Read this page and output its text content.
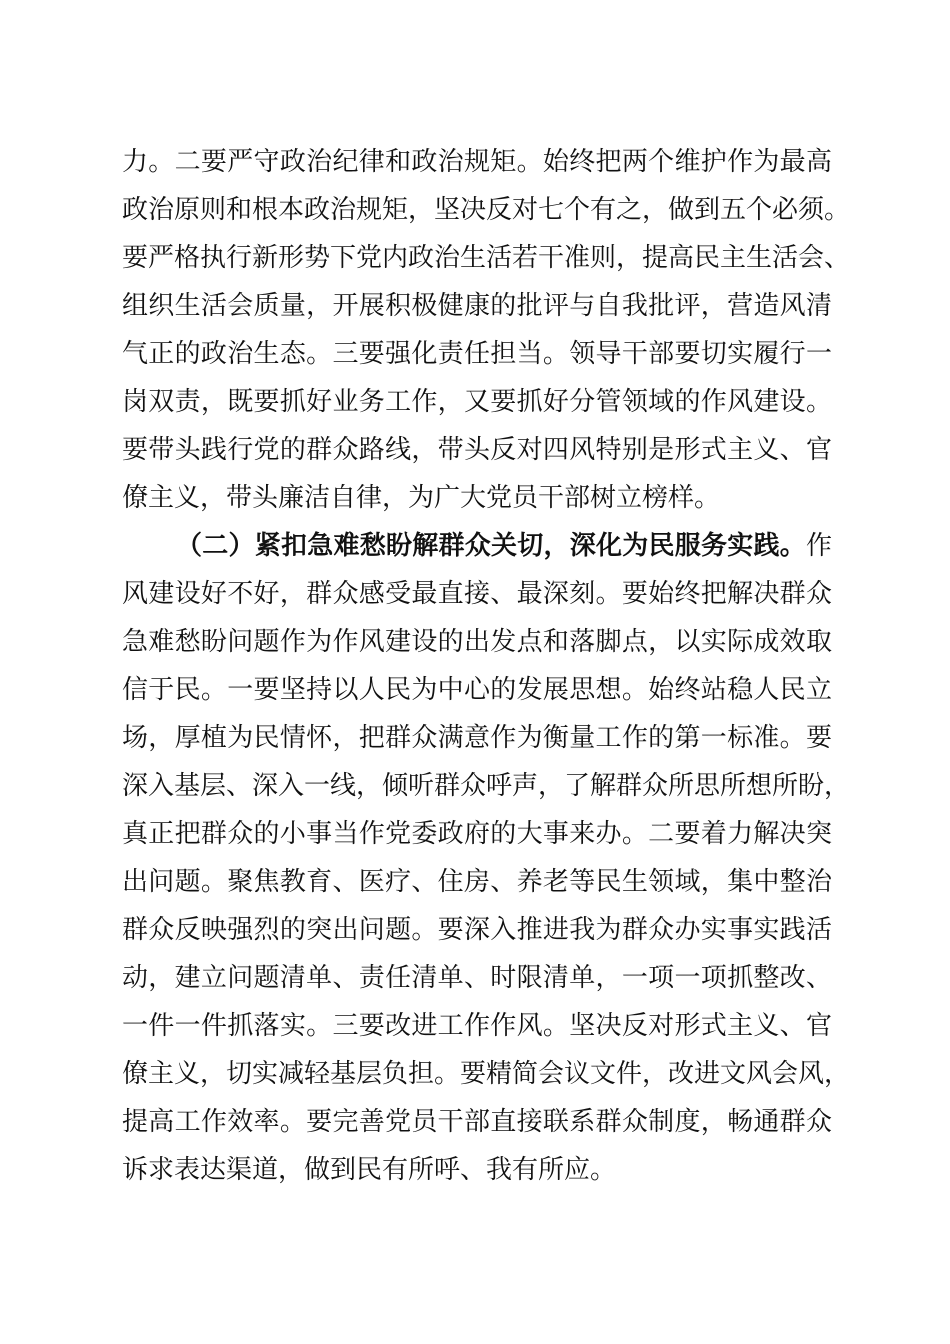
力。二要严守政治纪律和政治规矩。始终把两个维护作为最高
政治原则和根本政治规矩，坚决反对七个有之，做到五个必须。
要严格执行新形势下党内政治生活若干准则，提高民主生活会、
组织生活会质量，开展积极健康的批评与自我批评，营造风清
气正的政治生态。三要强化责任担当。领导干部要切实履行一
岗双责，既要抓好业务工作，又要抓好分管领域的作风建设。
要带头践行党的群众路线，带头反对四风特别是形式主义、官
僚主义，带头廉洁自律，为广大党员干部树立榜样。
（二）紧扣急难愁盼解群众关切，深化为民服务实践。作
风建设好不好，群众感受最直接、最深刻。要始终把解决群众
急难愁盼问题作为作风建设的出发点和落脚点，以实际成效取
信于民。一要坚持以人民为中心的发展思想。始终站稳人民立
场，厚植为民情怀，把群众满意作为衡量工作的第一标准。要
深入基层、深入一线，倾听群众呼声，了解群众所思所想所盼，
真正把群众的小事当作党委政府的大事来办。二要着力解决突
出问题。聚焦教育、医疗、住房、养老等民生领域，集中整治
群众反映强烈的突出问题。要深入推进我为群众办实事实践活
动，建立问题清单、责任清单、时限清单，一项一项抓整改、
一件一件抓落实。三要改进工作作风。坚决反对形式主义、官
僚主义，切实减轻基层负担。要精简会议文件，改进文风会风，
提高工作效率。要完善党员干部直接联系群众制度，畅通群众
诉求表达渠道，做到民有所呼、我有所应。
